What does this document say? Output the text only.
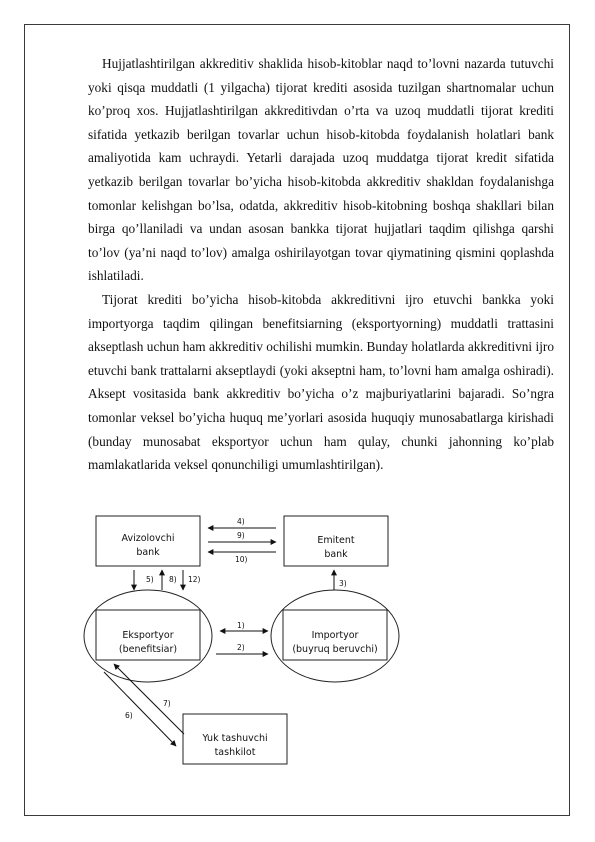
Hujjatlashtirilgan akkreditiv shaklida hisob-kitoblar naqd to’lovni nazarda tutuvchi yoki qisqa muddatli (1 yilgacha) tijorat krediti asosida tuzilgan shartnomalar uchun ko’proq xos. Hujjatlashtirilgan akkreditivdan o’rta va uzoq muddatli tijorat krediti sifatida yetkazib berilgan tovarlar uchun hisob-kitobda foydalanish holatlari bank amaliyotida kam uchraydi. Yetarli darajada uzoq muddatga tijorat kredit sifatida yetkazib berilgan tovarlar bo’yicha hisob-kitobda akkreditiv shakldan foydalanishga tomonlar kelishgan bo’lsa, odatda, akkreditiv hisob-kitobning boshqa shakllari bilan birga qo’llaniladi va undan asosan bankka tijorat hujjatlari taqdim qilishga qarshi to’lov (ya’ni naqd to’lov) amalga oshirilayotgan tovar qiymatining qismini qoplashda ishlatiladi.

Tijorat krediti bo’yicha hisob-kitobda akkreditivni ijro etuvchi bankka yoki importyorga taqdim qilingan benefitsiarning (eksportyorning) muddatli trattasini akseptlash uchun ham akkreditiv ochilishi mumkin. Bunday holatlarda akkreditivni ijro etuvchi bank trattalarni akseptlaydi (yoki akseptni ham, to’lovni ham amalga oshiradi). Aksept vositasida bank akkreditiv bo’yicha o’z majburiyatlarini bajaradi. So’ngra tomonlar veksel bo’yicha huquq me’yorlari asosida huquqiy munosabatlarga kirishadi (bunday munosabat eksportyor uchun ham qulay, chunki jahonning ko’plab mamlakatlarida veksel qonunchiligi umumlashtirilgan).

Avizolovchi
bank
Emitent
bank
Eksportyor
(benefitsiar)
Importyor
(buyruq beruvchi)
Yuk tashuvchi
tashkilot
4)
9)
10)
5) 8) 12)	3)
1)
2)
6)
7)
